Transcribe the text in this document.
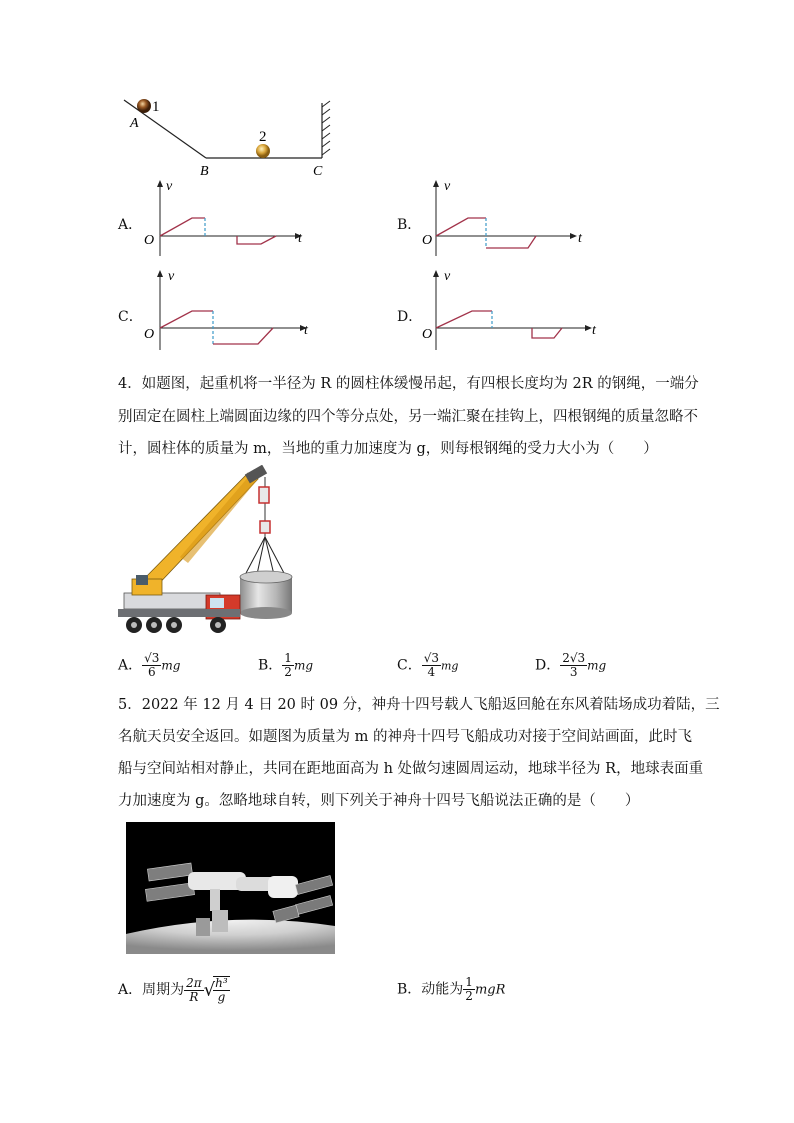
1
2
A
B	C
A．
v
t
O
B．
v
t
O
C．
v
t
O
D．
v
t
O
4．如题图，起重机将一半径为 R 的圆柱体缓慢吊起，有四根长度均为 2R 的钢绳，一端分
别固定在圆柱上端圆面边缘的四个等分点处，另一端汇聚在挂钩上，四根钢绳的质量忽略不
计，圆柱体的质量为 m，当地的重力加速度为 g，则每根钢绳的受力大小为（　　）
A． $\frac{√3}{6}$ mg	B． $\frac{1}{2}$ mg	C． $\frac{√3}{4}$ mg	D． $\frac{2√3}{3}$ mg
5．2022 年 12 月 4 日 20 时 09 分，神舟十四号载人飞船返回舱在东风着陆场成功着陆，三
名航天员安全返回。如题图为质量为 m 的神舟十四号飞船成功对接于空间站画面，此时飞
船与空间站相对静止，共同在距地面高为 h 处做匀速圆周运动，地球半径为 R，地球表面重
力加速度为 g。忽略地球自转，则下列关于神舟十四号飞船说法正确的是（　　）
A．周期为 $\frac{2\pi}{R}$ √
$\frac{\text{h³}}{g}$	B．动能为 $\frac{1}{2}$ mgR
